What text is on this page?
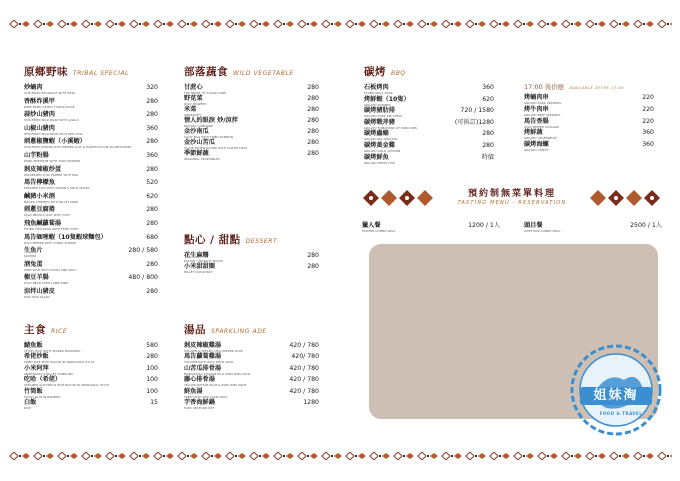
原鄉野味 TRIBAL SPECIAL
炒蝸肉
STIR-FRIED ESCARGOT WITH BASIL
320
香酥炸溪甲
DEEP-FRIED CRISPY TURTLE DOVE
280
蒜炒山豬肉
STIR-FRIED WILD BOAR WITH GARLIC
280
山椒山豬肉
STIR-FRIED WILD BOAR WITH RED CHILI
360
刺蔥椒鹽蝦（小溪蝦）
STIR-FRIED SHRIMP WITH PEPPER SALT & ZANTHOXYLUM AILANTHOIDES
280
山芋粉腸
PORK INTESTINE WITH TARO POWDER
360
剝皮辣椒炒蛋
PRESERVED CHILI PEPPER WITH EGG
280
馬告檸檬魚
STEAMED FISH WITH LEMON & WILD SPICES
520
鹹豬小米酒
BOILED SHRIMPS WITH MILLET WINE
620
刺蔥豆腐捲
WILD PRICKLY LEAF WITH TOFU
280
飛魚鹹蘿蔔湯
FLYING FISH EGGS WITH FRIED TOFU
280
馬告咖哩蝦（10隻蝦球麵包）
WILD PEPPER WITH CURRY SHRIMP
680
生魚片
SASHIMI
280 / 580
酒兔蛋
CHEF DISH WITH SOURS AND SPICY
280
樹豆羊腸
WILD BEAN STEW LAMB KNEE
480 / 800
涼拌山豬皮
PIGS SKIN SALAD
280
部落蔬食 WILD VEGETABLE
甘蔗心
THE HEART OF SUGAR CANE
280
野苋菜
WILD PIGWEED
280
米菜
AMARANTH
280
情人的眼淚 炒/涼拌
NOSTOC COMMUNE
280
金沙南瓜
SALTY EGG WITH FRIED PUMPKIN
280
金沙山苦瓜
SAUTE BITTER GOURD WITH SALTED EGGS
280
季節鮮蔬
SEASONAL VEGETABLES
280
點心 / 甜點 DESSERT
花生麻糬
DOUGH / PEANUTS MOCHI
280
小米甜甜圈
MILLET DOUGHNUT
280
湯品 SPARKLING ADE
剝皮辣椒雞湯
CHICKEN & PEELED CHILI PEPPER SOUP
420 / 780
馬告蘿蔔雞湯
CHICKEN WITH WILD SPICE SOUP
420/ 780
山苦瓜排骨湯
MOMORDICA CHARANTIA & PORK RIBS SOUP
420 / 780
藤心排骨湯
YELLOW RATTAN PALM & PORK RIBS SOUP
420 / 780
鮮魚湯
FRESH FISH AND CLAM SOUP
420 / 780
芋香海鮮鍋
TARO SEAFOOD POT
1280
主食 RICE
鯖魚飯
STICKY RICE WITH SEARED MACKEREL
580
希佬炒飯
FRIED RICE WITH BACON IN ABORIGINAL STYLE
280
小米阿拜
ABORIGINAL'S MILLET DUMPLING
100
吃哈（希佬）
STEAMED GLUTINOUS RICE BACON IN ABORIGINAL STYLE
100
竹筒飯
STICKY RICE IN BAMBOO
100
白飯
RICE
15
碳烤 BBQ
石板烤肉
STONE GRILL PORK
360
烤鮮蝦（10隻）
GRILLED SHRIMPS
620
碳烤豬肋排
GRILLED PORK RIB STEAK
720 / 1580
碳烤戰斧豬
GRILLED TOMAHAWK OF PORK RIBS
(可拆訂)1280
碳烤蟲蛹
GRILLED PIG KNUCKLE
280
碳烤黃金雞
GRILLED GOLD CHICKEN
280
碳烤鮮魚
GRILLED FRESH FISH
時價
17:00 後供應 AVAILABLE AFTER 17:00
烤蝸肉串
GRILLED PORK SKEWERS
220
烤牛肉串
GRILLED BEEF SKEWERS
220
馬告香腸
WILD PEPPER SAUSAGE
220
烤鮮蔬
GRILLED VEGETABLES
360
碳烤海螺
GRILLED CONCH
360
預約制無菜單料理
TASTING MENU - RESERVATION
獵人餐
HUNTER COMBO MEAL
1200 / 1人	頭目餐
CHIEFTAIN COMBO MEAL
2500 / 1人
姐妹淘
FOOD & TRAVEL
